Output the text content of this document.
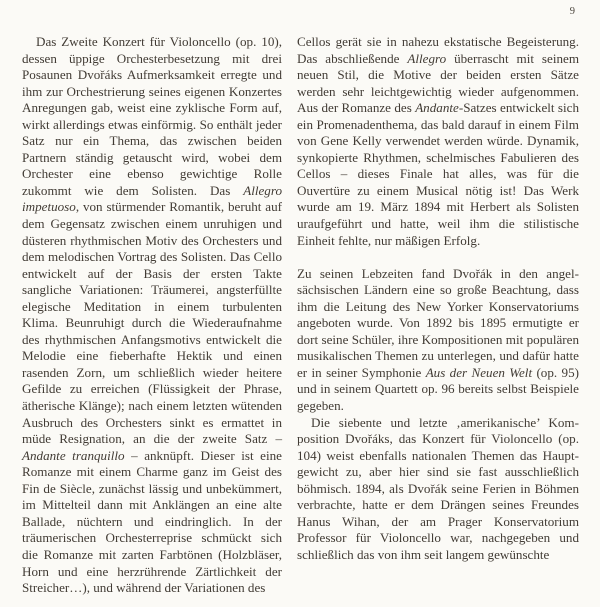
9

Das Zweite Konzert für Violoncello (op. 10), dessen üppige Orchesterbesetzung mit drei Posaunen Dvořáks Aufmerksamkeit erregte und ihm zur Orchestrierung seines eigenen Konzertes Anregungen gab, weist eine zyklische Form auf, wirkt allerdings etwas einförmig. So enthält jeder Satz nur ein Thema, das zwischen beiden Partnern ständig getauscht wird, wobei dem Orchester eine ebenso gewichtige Rolle zukommt wie dem Solisten. Das Allegro impetuoso, von stürmender Romantik, beruht auf dem Gegensatz zwischen einem unruhigen und düsteren rhythmischen Motiv des Orchesters und dem melodischen Vortrag des Solisten. Das Cello entwickelt auf der Basis der ersten Takte sangliche Variationen: Träumerei, angsterfüllte elegische Meditation in einem turbulenten Klima. Beunruhigt durch die Wiederaufnahme des rhythmischen Anfangsmotivs entwickelt die Melodie eine fieberhafte Hektik und einen rasenden Zorn, um schließlich wieder heitere Gefilde zu erreichen (Flüssigkeit der Phrase, ätherische Klänge); nach einem letzten wütenden Ausbruch des Orchesters sinkt es ermattet in müde Resignation, an die der zweite Satz – Andante tranquillo – anknüpft. Dieser ist eine Romanze mit einem Charme ganz im Geist des Fin de Siècle, zunächst lässig und unbekümmert, im Mittelteil dann mit Anklängen an eine alte Ballade, nüchtern und eindringlich. In der träumerischen Orchesterreprise schmückt sich die Romanze mit zarten Farbtönen (Holzbläser, Horn und eine herzrührende Zärtlichkeit der Streicher…), und während der Variationen des

Cellos gerät sie in nahezu ekstatische Begeisterung. Das abschließende Allegro überrascht mit seinem neuen Stil, die Motive der beiden ersten Sätze werden sehr leichtgewichtig wieder aufgenommen. Aus der Romanze des Andante-Satzes entwickelt sich ein Promenadenthema, das bald darauf in einem Film von Gene Kelly verwendet werden würde. Dynamik, synkopierte Rhythmen, schelmisches Fabulieren des Cellos – dieses Finale hat alles, was für die Ouvertüre zu einem Musical nötig ist! Das Werk wurde am 19. März 1894 mit Herbert als Solisten uraufgeführt und hatte, weil ihm die stilistische Einheit fehlte, nur mäßigen Erfolg.

Zu seinen Lebzeiten fand Dvořák in den angelsächsischen Ländern eine so große Beachtung, dass ihm die Leitung des New Yorker Konservatoriums angeboten wurde. Von 1892 bis 1895 ermutigte er dort seine Schüler, ihre Kompositionen mit populären musikalischen Themen zu unterlegen, und dafür hatte er in seiner Symphonie Aus der Neuen Welt (op. 95) und in seinem Quartett op. 96 bereits selbst Beispiele gegeben.

Die siebente und letzte ‚amerikanische’ Komposition Dvořáks, das Konzert für Violoncello (op. 104) weist ebenfalls nationalen Themen das Hauptgewicht zu, aber hier sind sie fast ausschließlich böhmisch. 1894, als Dvořák seine Ferien in Böhmen verbrachte, hatte er dem Drängen seines Freundes Hanus Wihan, der am Prager Konservatorium Professor für Violoncello war, nachgegeben und schließlich das von ihm seit langem gewünschte
